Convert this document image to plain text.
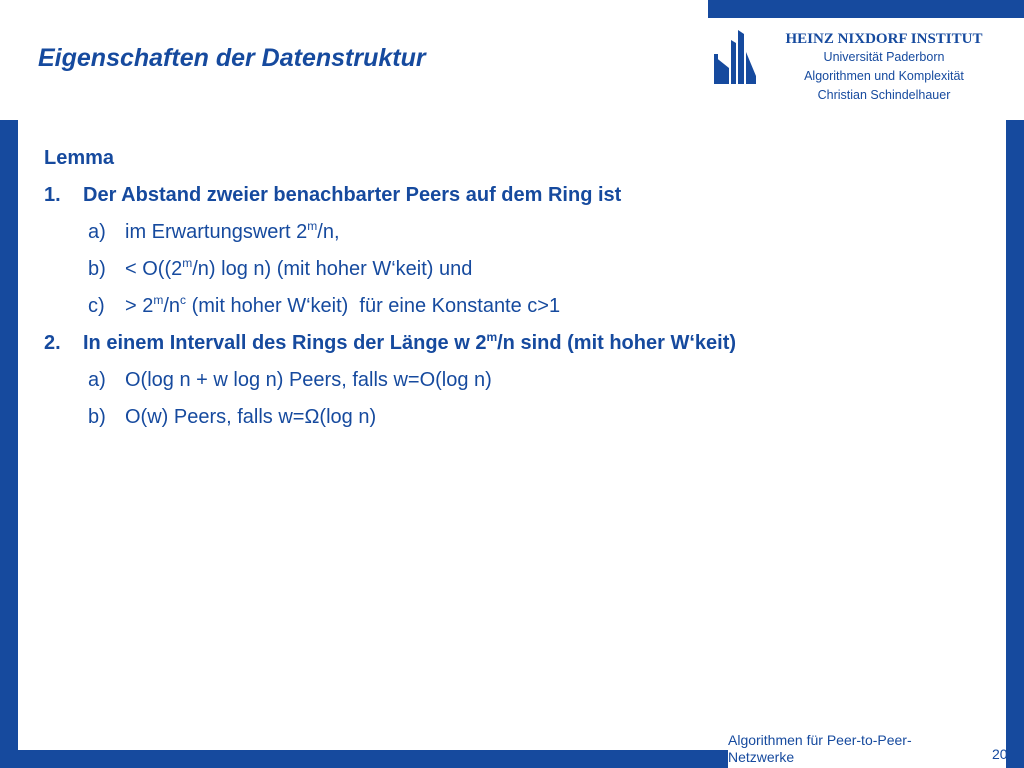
Eigenschaften der Datenstruktur
HEINZ NIXDORF INSTITUT
Universität Paderborn
Algorithmen und Komplexität
Christian Schindelhauer
Lemma
1. Der Abstand zweier benachbarter Peers auf dem Ring ist
a) im Erwartungswert 2$^m$/n,
$b) < O((2^m/n)$ log n) (mit hoher W‘keit) und
$c) > 2^m/n^c$ (mit hoher W‘keit)  für eine Konstante c>1
2. In einem Intervall des Rings der Länge w 2$^m$/n sind (mit hoher W‘keit)
a) O(log n + w log n) Peers, falls w=O(log n)
b) O(w) Peers, falls w=Ω(log n)
Algorithmen für Peer-to-Peer-Netzwerke	20
